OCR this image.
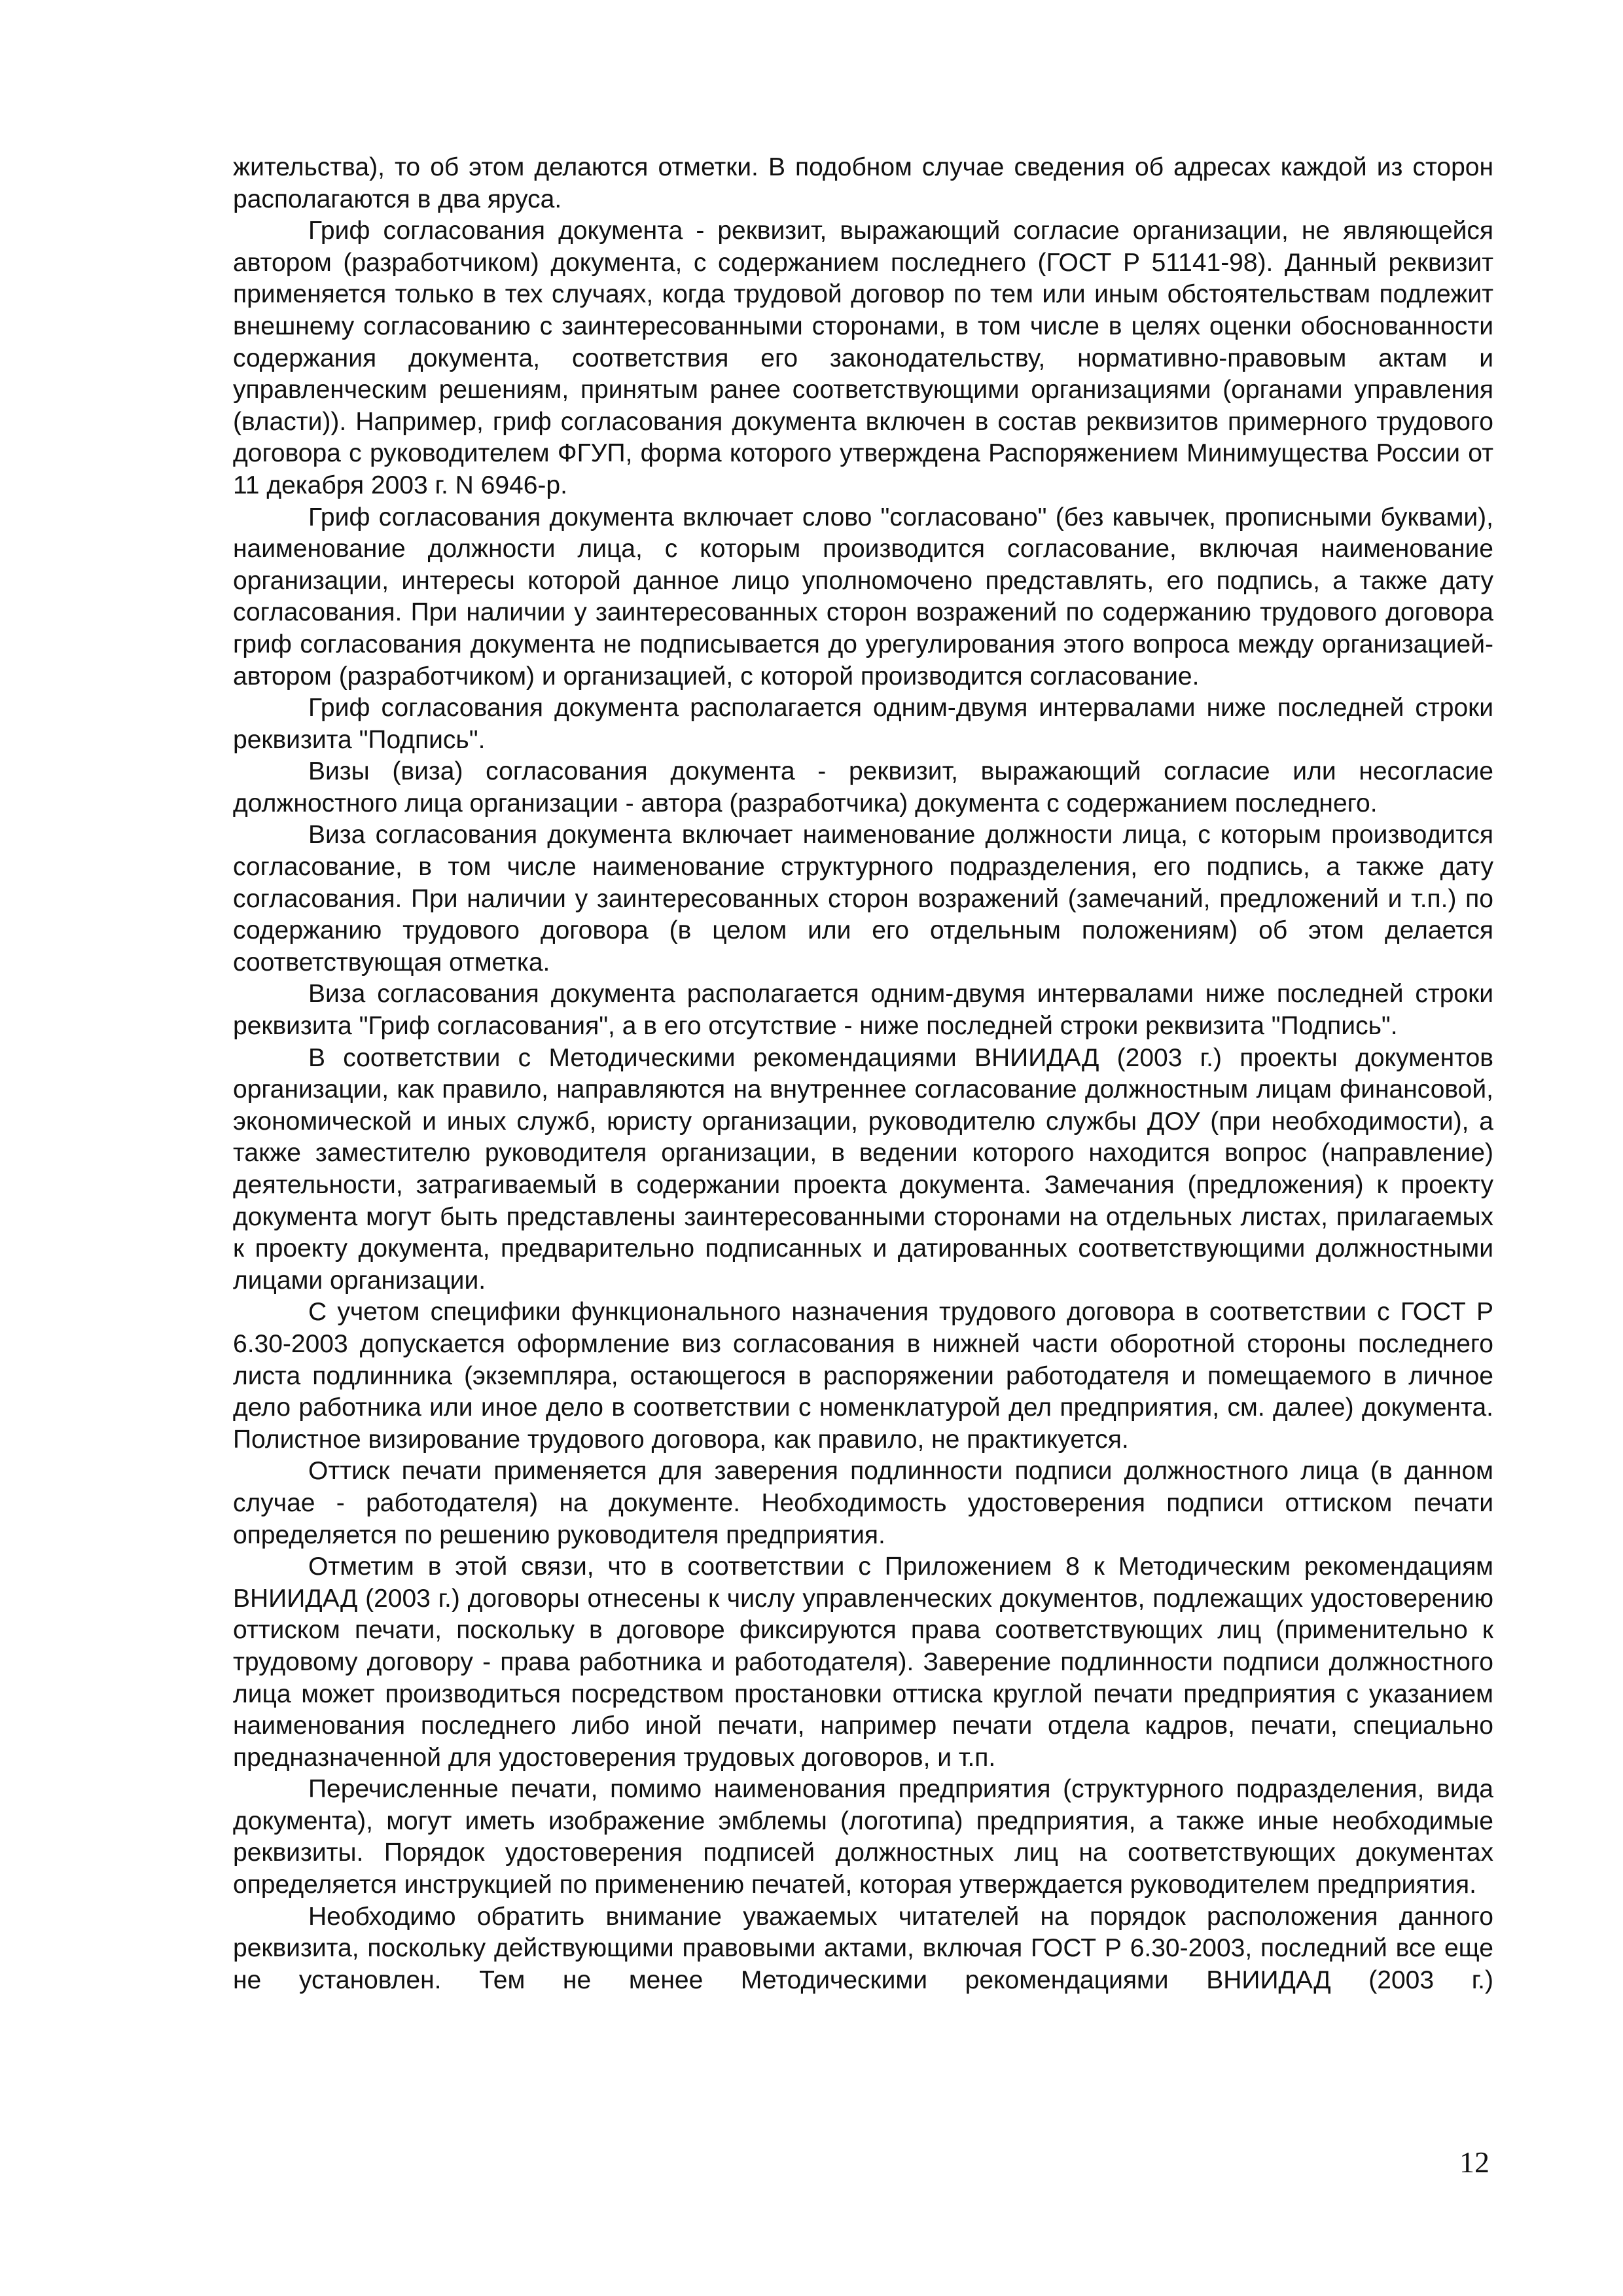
жительства), то об этом делаются отметки. В подобном случае сведения об адресах каждой из сторон располагаются в два яруса.

Гриф согласования документа - реквизит, выражающий согласие организации, не являющейся автором (разработчиком) документа, с содержанием последнего (ГОСТ Р 51141-98). Данный реквизит применяется только в тех случаях, когда трудовой договор по тем или иным обстоятельствам подлежит внешнему согласованию с заинтересованными сторонами, в том числе в целях оценки обоснованности содержания документа, соответствия его законодательству, нормативно-правовым актам и управленческим решениям, принятым ранее соответствующими организациями (органами управления (власти)). Например, гриф согласования документа включен в состав реквизитов примерного трудового договора с руководителем ФГУП, форма которого утверждена Распоряжением Минимущества России от 11 декабря 2003 г. N 6946-р.

Гриф согласования документа включает слово "согласовано" (без кавычек, прописными буквами), наименование должности лица, с которым производится согласование, включая наименование организации, интересы которой данное лицо уполномочено представлять, его подпись, а также дату согласования. При наличии у заинтересованных сторон возражений по содержанию трудового договора гриф согласования документа не подписывается до урегулирования этого вопроса между организацией-автором (разработчиком) и организацией, с которой производится согласование.

Гриф согласования документа располагается одним-двумя интервалами ниже последней строки реквизита "Подпись".

Визы (виза) согласования документа - реквизит, выражающий согласие или несогласие должностного лица организации - автора (разработчика) документа с содержанием последнего.

Виза согласования документа включает наименование должности лица, с которым производится согласование, в том числе наименование структурного подразделения, его подпись, а также дату согласования. При наличии у заинтересованных сторон возражений (замечаний, предложений и т.п.) по содержанию трудового договора (в целом или его отдельным положениям) об этом делается соответствующая отметка.

Виза согласования документа располагается одним-двумя интервалами ниже последней строки реквизита "Гриф согласования", а в его отсутствие - ниже последней строки реквизита "Подпись".

В соответствии с Методическими рекомендациями ВНИИДАД (2003 г.) проекты документов организации, как правило, направляются на внутреннее согласование должностным лицам финансовой, экономической и иных служб, юристу организации, руководителю службы ДОУ (при необходимости), а также заместителю руководителя организации, в ведении которого находится вопрос (направление) деятельности, затрагиваемый в содержании проекта документа. Замечания (предложения) к проекту документа могут быть представлены заинтересованными сторонами на отдельных листах, прилагаемых к проекту документа, предварительно подписанных и датированных соответствующими должностными лицами организации.

С учетом специфики функционального назначения трудового договора в соответствии с ГОСТ Р 6.30-2003 допускается оформление виз согласования в нижней части оборотной стороны последнего листа подлинника (экземпляра, остающегося в распоряжении работодателя и помещаемого в личное дело работника или иное дело в соответствии с номенклатурой дел предприятия, см. далее) документа. Полистное визирование трудового договора, как правило, не практикуется.

Оттиск печати применяется для заверения подлинности подписи должностного лица (в данном случае - работодателя) на документе. Необходимость удостоверения подписи оттиском печати определяется по решению руководителя предприятия.

Отметим в этой связи, что в соответствии с Приложением 8 к Методическим рекомендациям ВНИИДАД (2003 г.) договоры отнесены к числу управленческих документов, подлежащих удостоверению оттиском печати, поскольку в договоре фиксируются права соответствующих лиц (применительно к трудовому договору - права работника и работодателя). Заверение подлинности подписи должностного лица может производиться посредством простановки оттиска круглой печати предприятия с указанием наименования последнего либо иной печати, например печати отдела кадров, печати, специально предназначенной для удостоверения трудовых договоров, и т.п.

Перечисленные печати, помимо наименования предприятия (структурного подразделения, вида документа), могут иметь изображение эмблемы (логотипа) предприятия, а также иные необходимые реквизиты. Порядок удостоверения подписей должностных лиц на соответствующих документах определяется инструкцией по применению печатей, которая утверждается руководителем предприятия.

Необходимо обратить внимание уважаемых читателей на порядок расположения данного реквизита, поскольку действующими правовыми актами, включая ГОСТ Р 6.30-2003, последний все еще не установлен. Тем не менее Методическими рекомендациями ВНИИДАД (2003 г.)

12
